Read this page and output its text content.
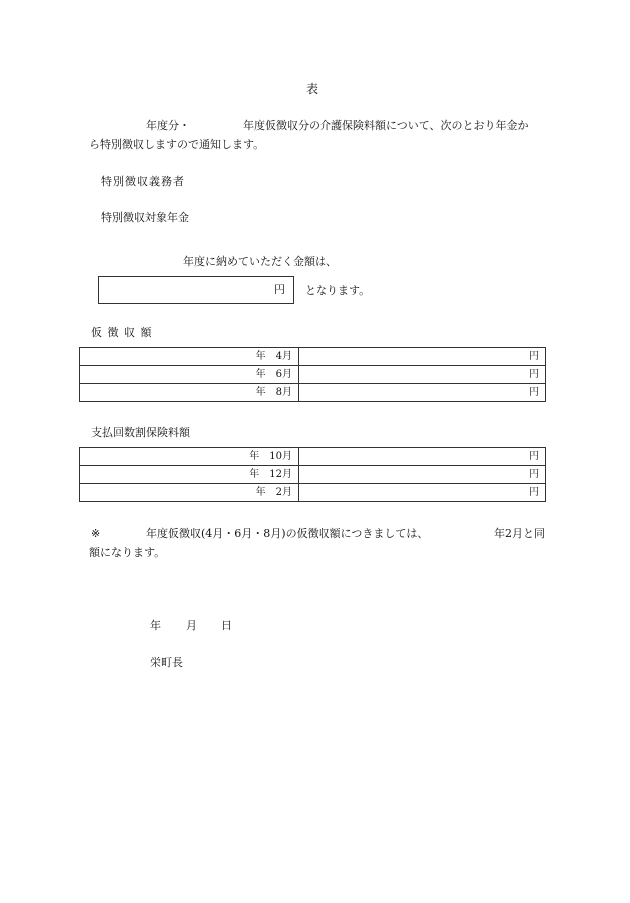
表
年度分・	年度仮徴収分の介護保険料額について、次のとおり年金か
ら特別徴収しますので通知します。
特別徴収義務者
特別徴収対象年金
年度に納めていただく金額は、
円 となります。
仮 徴 収 額
年 4月	円
年 6月	円
年 8月	円
支払回数割保険料額
年 10月	円
年 12月	円
年 2月	円
※	年度仮徴収(4月・6月・8月)の仮徴収額につきましては、	年2月と同
額になります。
年 月 日
栄町長
